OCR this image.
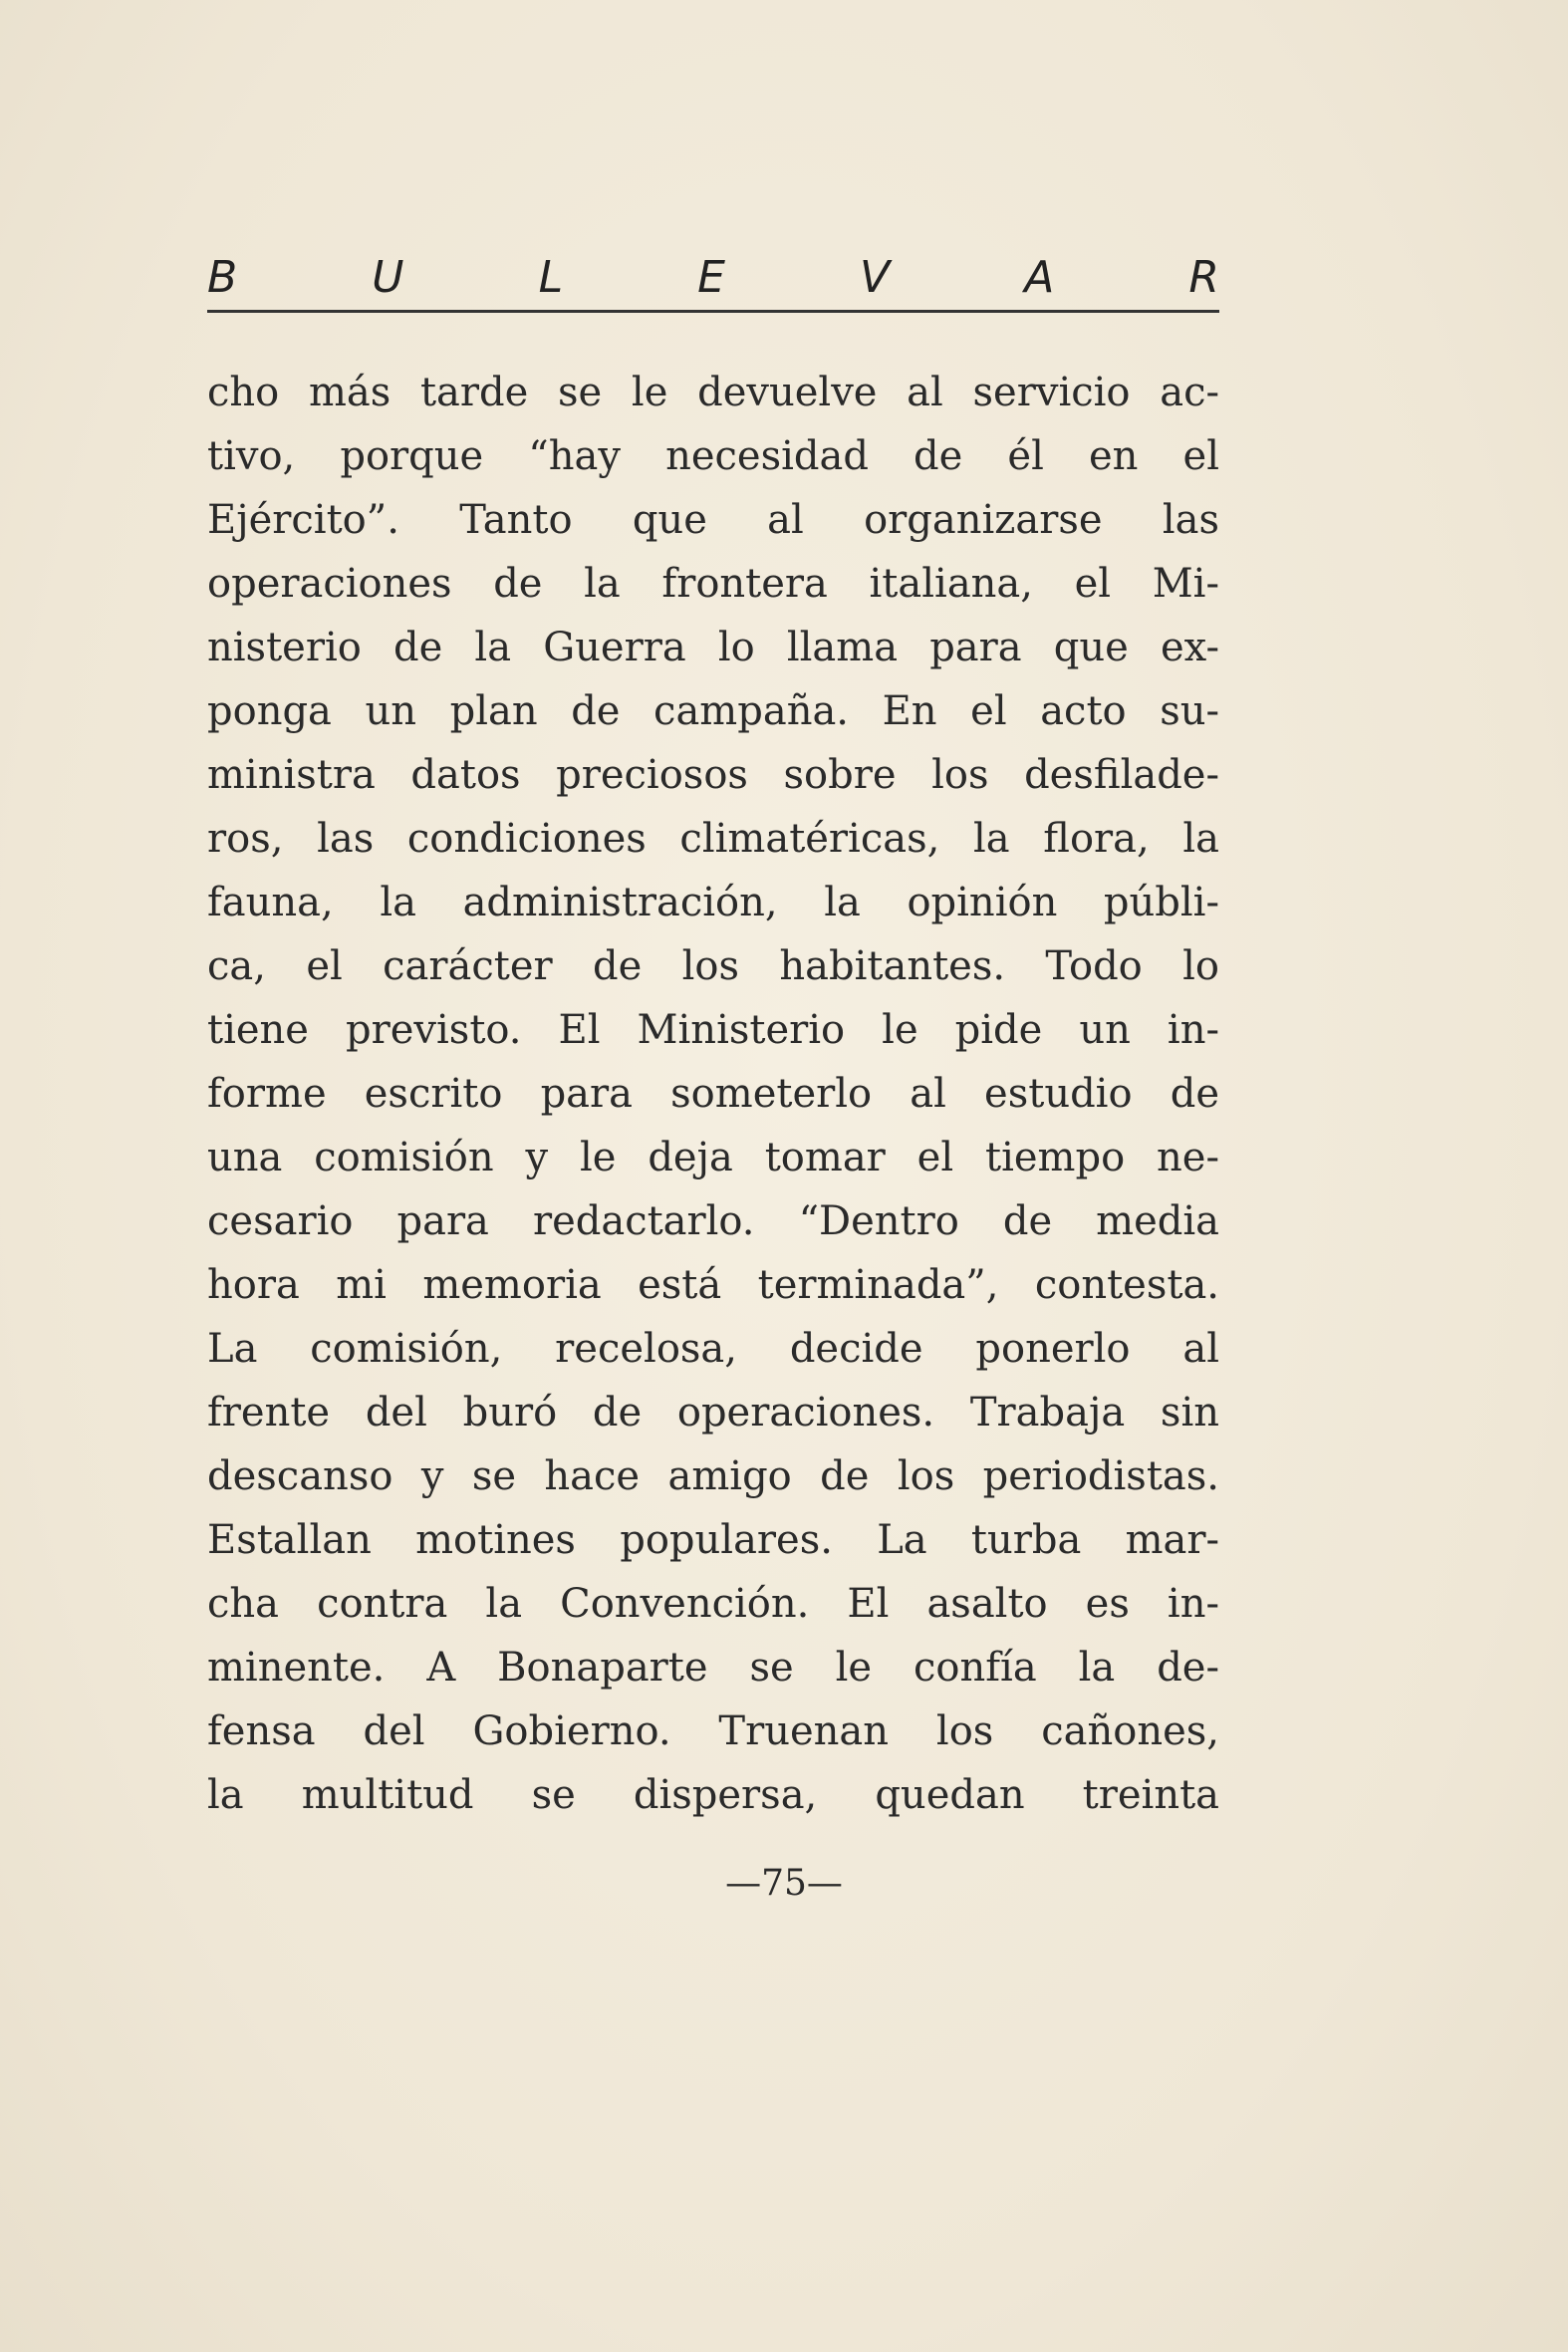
B	U	L	E	V	A	R
cho más tarde se le devuelve al servicio ac-
tivo, porque “hay necesidad de él en el
Ejército”. Tanto que al organizarse las
operaciones de la frontera italiana, el Mi-
nisterio de la Guerra lo llama para que ex-
ponga un plan de campaña. En el acto su-
ministra datos preciosos sobre los desfilade-
ros, las condiciones climatéricas, la flora, la
fauna, la administración, la opinión públi-
ca, el carácter de los habitantes. Todo lo
tiene previsto. El Ministerio le pide un in-
forme escrito para someterlo al estudio de
una comisión y le deja tomar el tiempo ne-
cesario para redactarlo. “Dentro de media
hora mi memoria está terminada”, contesta.
La comisión, recelosa, decide ponerlo al
frente del buró de operaciones. Trabaja sin
descanso y se hace amigo de los periodistas.
Estallan motines populares. La turba mar-
cha contra la Convención. El asalto es in-
minente. A Bonaparte se le confía la de-
fensa del Gobierno. Truenan los cañones,
la multitud se dispersa, quedan treinta
—75—
